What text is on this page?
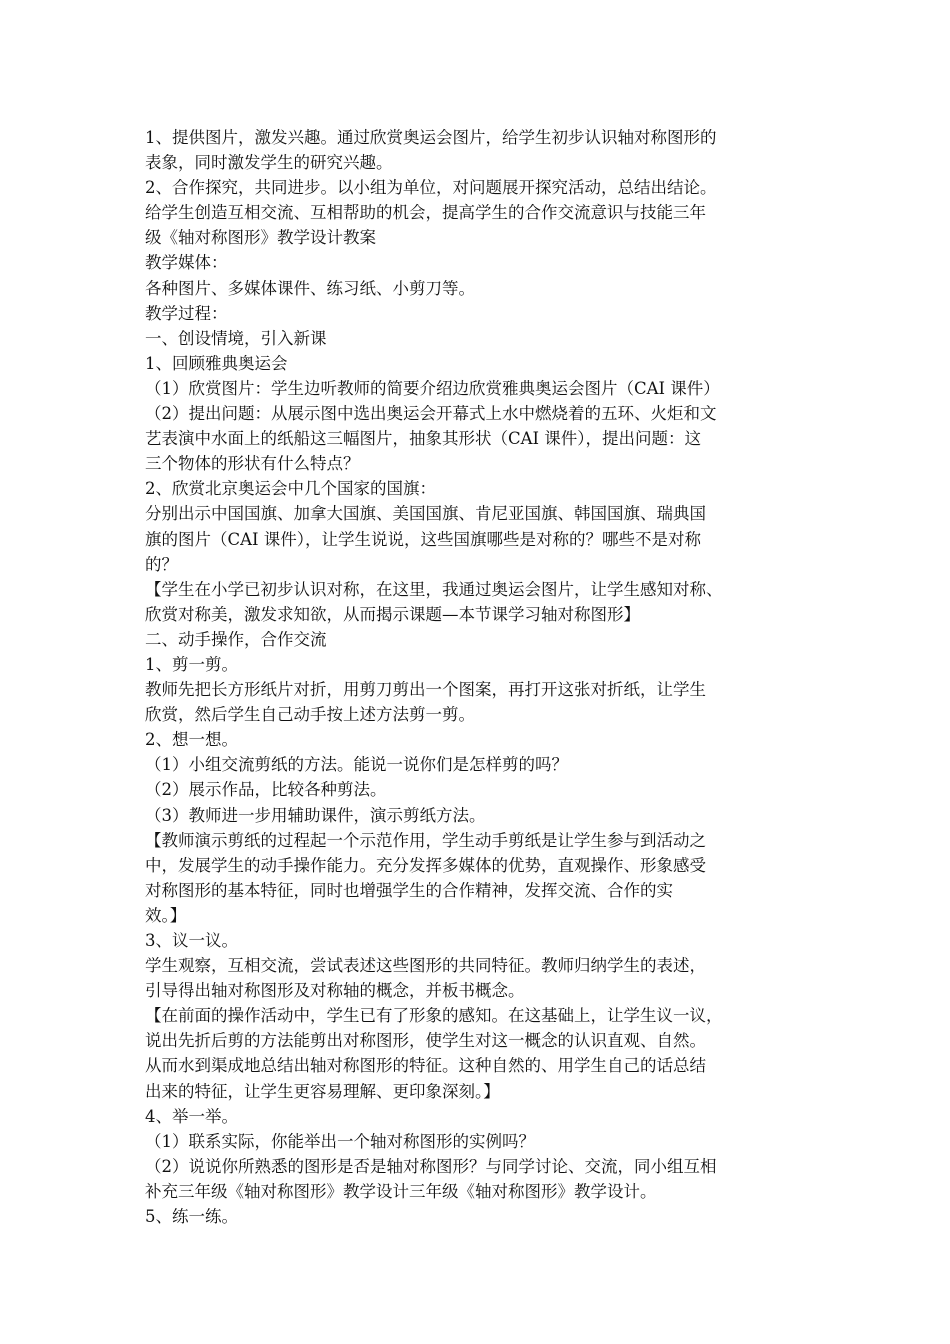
1、提供图片，激发兴趣。通过欣赏奥运会图片，给学生初步认识轴对称图形的
表象，同时激发学生的研究兴趣。

2、合作探究，共同进步。以小组为单位，对问题展开探究活动，总结出结论。
给学生创造互相交流、互相帮助的机会，提高学生的合作交流意识与技能三年
级《轴对称图形》教学设计教案

教学媒体：

各种图片、多媒体课件、练习纸、小剪刀等。

教学过程：

一、创设情境，引入新课

1、回顾雅典奥运会

（1）欣赏图片：学生边听教师的简要介绍边欣赏雅典奥运会图片（CAI 课件）

（2）提出问题：从展示图中选出奥运会开幕式上水中燃烧着的五环、火炬和文
艺表演中水面上的纸船这三幅图片，抽象其形状（CAI 课件），提出问题：这
三个物体的形状有什么特点？

2、欣赏北京奥运会中几个国家的国旗：

分别出示中国国旗、加拿大国旗、美国国旗、肯尼亚国旗、韩国国旗、瑞典国
旗的图片（CAI 课件），让学生说说，这些国旗哪些是对称的？哪些不是对称
的？

【学生在小学已初步认识对称，在这里，我通过奥运会图片，让学生感知对称、
欣赏对称美，激发求知欲，从而揭示课题—本节课学习轴对称图形】

二、动手操作，合作交流

1、剪一剪。

教师先把长方形纸片对折，用剪刀剪出一个图案，再打开这张对折纸，让学生
欣赏，然后学生自己动手按上述方法剪一剪。

2、想一想。

（1）小组交流剪纸的方法。能说一说你们是怎样剪的吗？

（2）展示作品，比较各种剪法。

（3）教师进一步用辅助课件，演示剪纸方法。

【教师演示剪纸的过程起一个示范作用，学生动手剪纸是让学生参与到活动之
中，发展学生的动手操作能力。充分发挥多媒体的优势，直观操作、形象感受
对称图形的基本特征，同时也增强学生的合作精神，发挥交流、合作的实
效。】

3、议一议。

学生观察，互相交流，尝试表述这些图形的共同特征。教师归纳学生的表述，
引导得出轴对称图形及对称轴的概念，并板书概念。

【在前面的操作活动中，学生已有了形象的感知。在这基础上，让学生议一议，
说出先折后剪的方法能剪出对称图形，使学生对这一概念的认识直观、自然。
从而水到渠成地总结出轴对称图形的特征。这种自然的、用学生自己的话总结
出来的特征，让学生更容易理解、更印象深刻。】

4、举一举。

（1）联系实际，你能举出一个轴对称图形的实例吗？

（2）说说你所熟悉的图形是否是轴对称图形？与同学讨论、交流，同小组互相
补充三年级《轴对称图形》教学设计三年级《轴对称图形》教学设计。

5、练一练。
